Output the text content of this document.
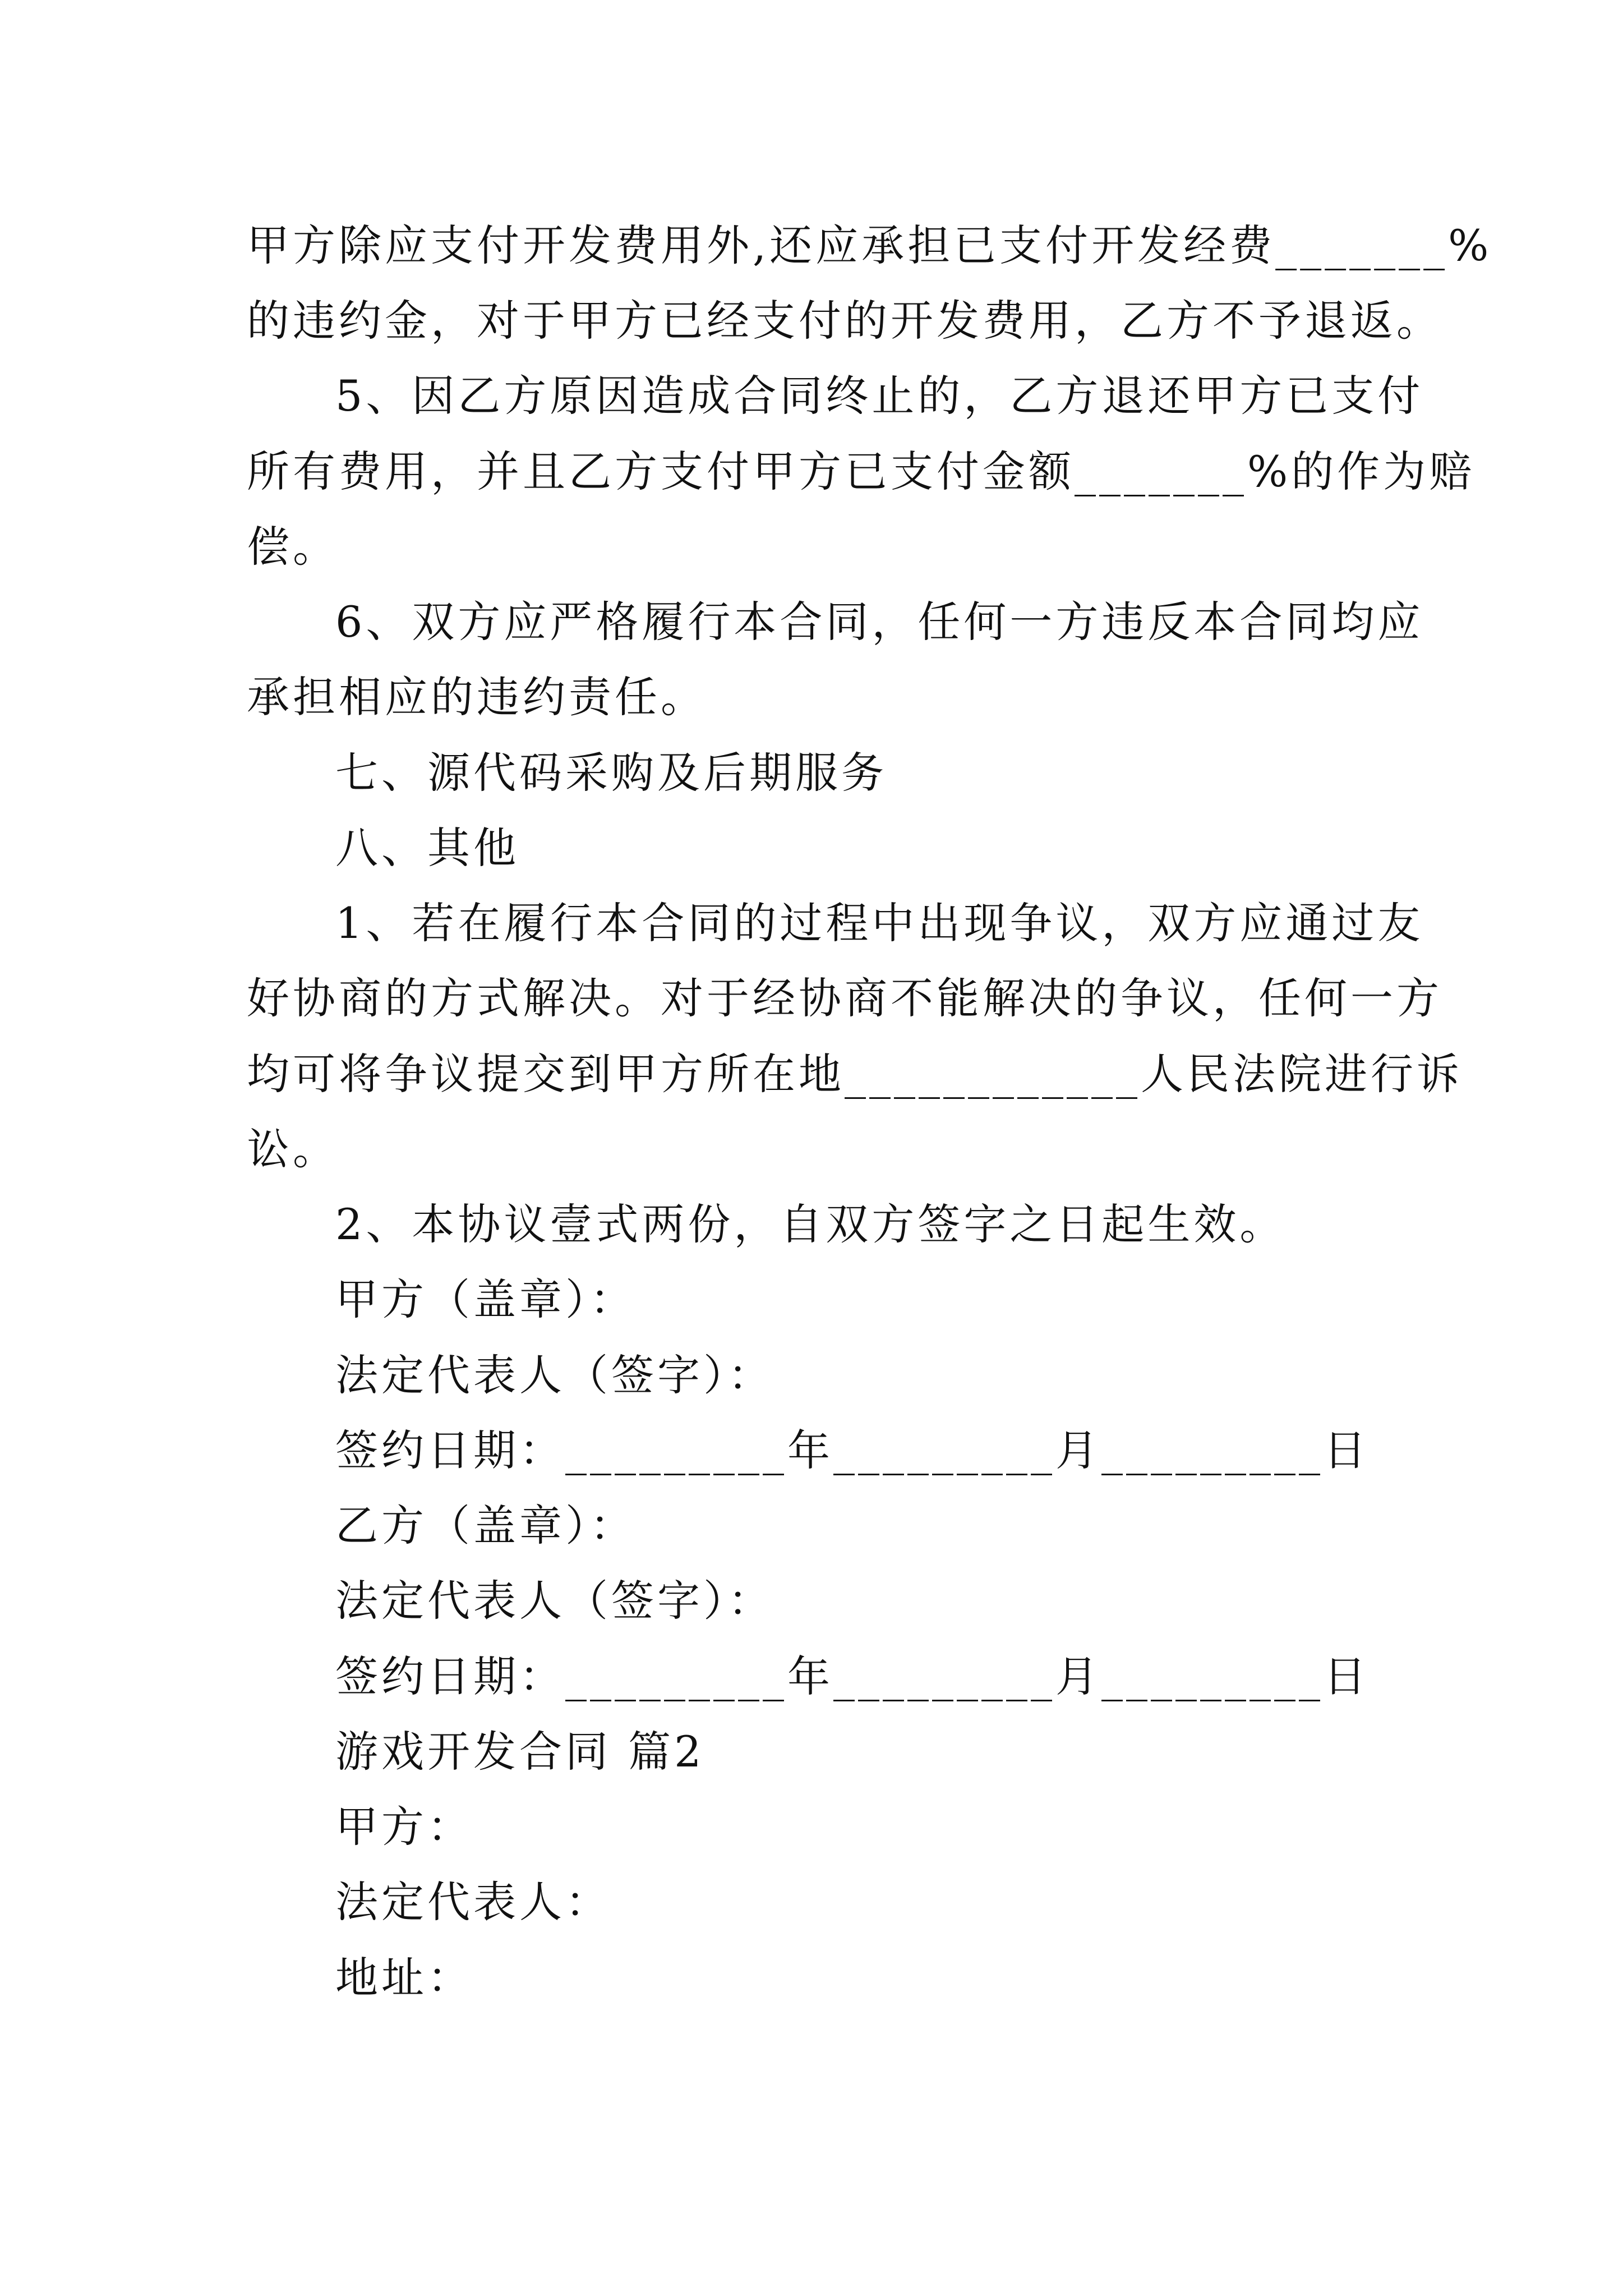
甲方除应支付开发费用外,还应承担已支付开发经费_______%
的违约金，对于甲方已经支付的开发费用，乙方不予退返。
5、因乙方原因造成合同终止的，乙方退还甲方已支付
所有费用，并且乙方支付甲方已支付金额_______%的作为赔
偿。
6、双方应严格履行本合同，任何一方违反本合同均应
承担相应的违约责任。
七、源代码采购及后期服务
八、其他
1、若在履行本合同的过程中出现争议，双方应通过友
好协商的方式解决。对于经协商不能解决的争议，任何一方
均可将争议提交到甲方所在地____________人民法院进行诉
讼。
2、本协议壹式两份，自双方签字之日起生效。
甲方（盖章）：
法定代表人（签字）：
签约日期：_________年_________月_________日
乙方（盖章）：
法定代表人（签字）：
签约日期：_________年_________月_________日
游戏开发合同 篇2
甲方：
法定代表人：
地址：
